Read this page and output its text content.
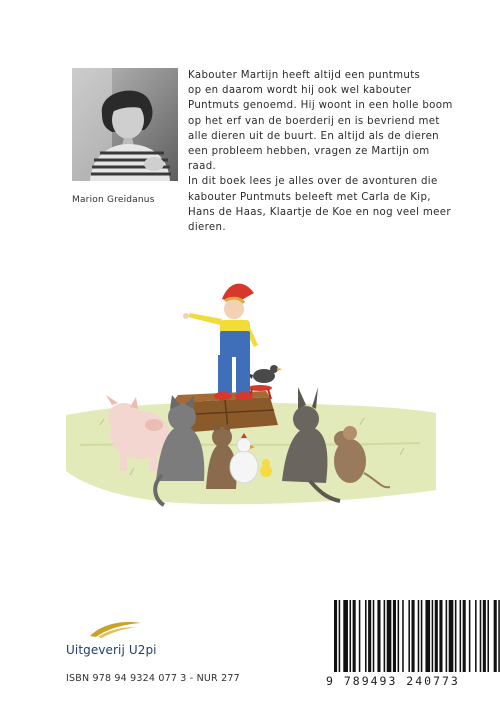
Marion Greidanus
Kabouter Martijn heeft altijd een puntmuts
op en daarom wordt hij ook wel kabouter
Puntmuts genoemd. Hij woont in een holle boom
op het erf van de boerderij en is bevriend met
alle dieren uit de buurt. En altijd als de dieren
een probleem hebben, vragen ze Martijn om
raad.
In dit boek lees je alles over de avonturen die
kabouter Puntmuts beleeft met Carla de Kip,
Hans de Haas, Klaartje de Koe en nog veel meer
dieren.
Uitgeverij U2pi
ISBN 978 94 9324 077 3 - NUR 277	9 789493 240773
